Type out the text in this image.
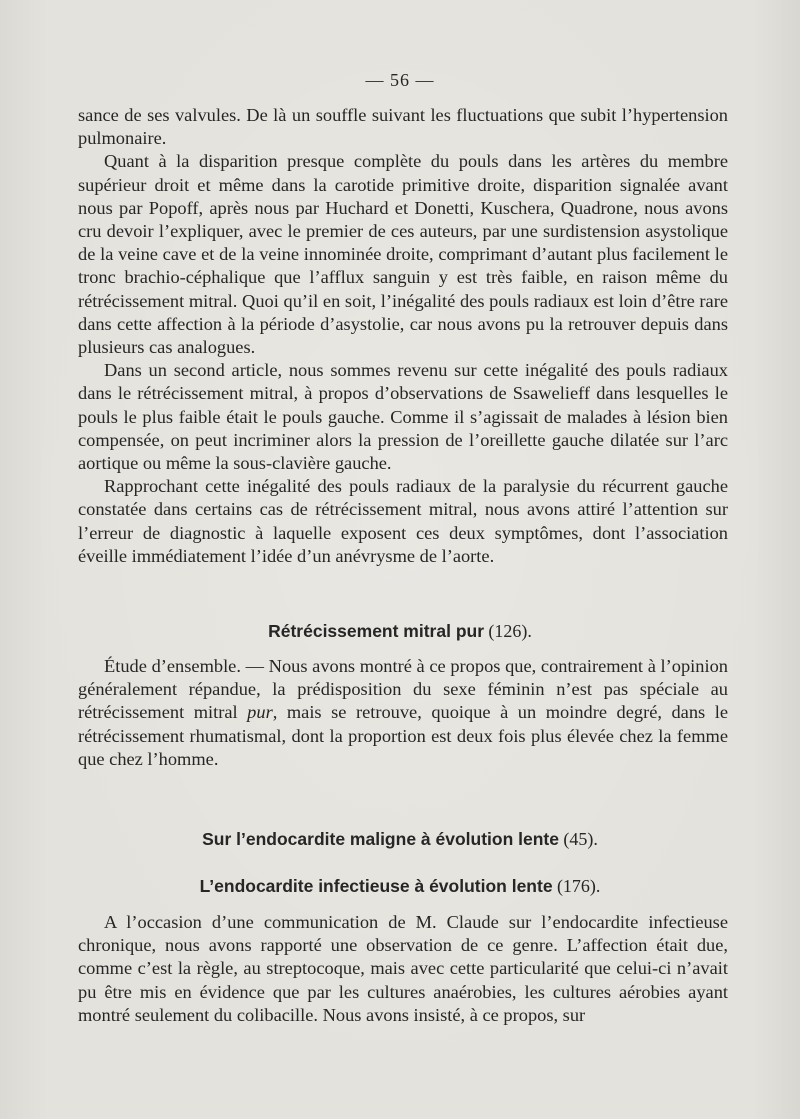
— 56 —

sance de ses valvules. De là un souffle suivant les fluctuations que subit l’hypertension pulmonaire.

Quant à la disparition presque complète du pouls dans les artères du membre supérieur droit et même dans la carotide primitive droite, disparition signalée avant nous par Popoff, après nous par Huchard et Donetti, Kuschera, Quadrone, nous avons cru devoir l’expliquer, avec le premier de ces auteurs, par une surdistension asystolique de la veine cave et de la veine innominée droite, comprimant d’autant plus facilement le tronc brachio-céphalique que l’afflux sanguin y est très faible, en raison même du rétrécissement mitral. Quoi qu’il en soit, l’inégalité des pouls radiaux est loin d’être rare dans cette affection à la période d’asystolie, car nous avons pu la retrouver depuis dans plusieurs cas analogues.

Dans un second article, nous sommes revenu sur cette inégalité des pouls radiaux dans le rétrécissement mitral, à propos d’observations de Ssawelieff dans lesquelles le pouls le plus faible était le pouls gauche. Comme il s’agissait de malades à lésion bien compensée, on peut incriminer alors la pression de l’oreillette gauche dilatée sur l’arc aortique ou même la sous-clavière gauche.

Rapprochant cette inégalité des pouls radiaux de la paralysie du récurrent gauche constatée dans certains cas de rétrécissement mitral, nous avons attiré l’attention sur l’erreur de diagnostic à laquelle exposent ces deux symptômes, dont l’association éveille immédiatement l’idée d’un anévrysme de l’aorte.

Rétrécissement mitral pur (126).

Étude d’ensemble. — Nous avons montré à ce propos que, contrairement à l’opinion généralement répandue, la prédisposition du sexe féminin n’est pas spéciale au rétrécissement mitral pur, mais se retrouve, quoique à un moindre degré, dans le rétrécissement rhumatismal, dont la proportion est deux fois plus élevée chez la femme que chez l’homme.

Sur l’endocardite maligne à évolution lente (45).
L’endocardite infectieuse à évolution lente (176).

A l’occasion d’une communication de M. Claude sur l’endocardite infectieuse chronique, nous avons rapporté une observation de ce genre. L’affection était due, comme c’est la règle, au streptocoque, mais avec cette particularité que celui-ci n’avait pu être mis en évidence que par les cultures anaérobies, les cultures aérobies ayant montré seulement du colibacille. Nous avons insisté, à ce propos, sur
